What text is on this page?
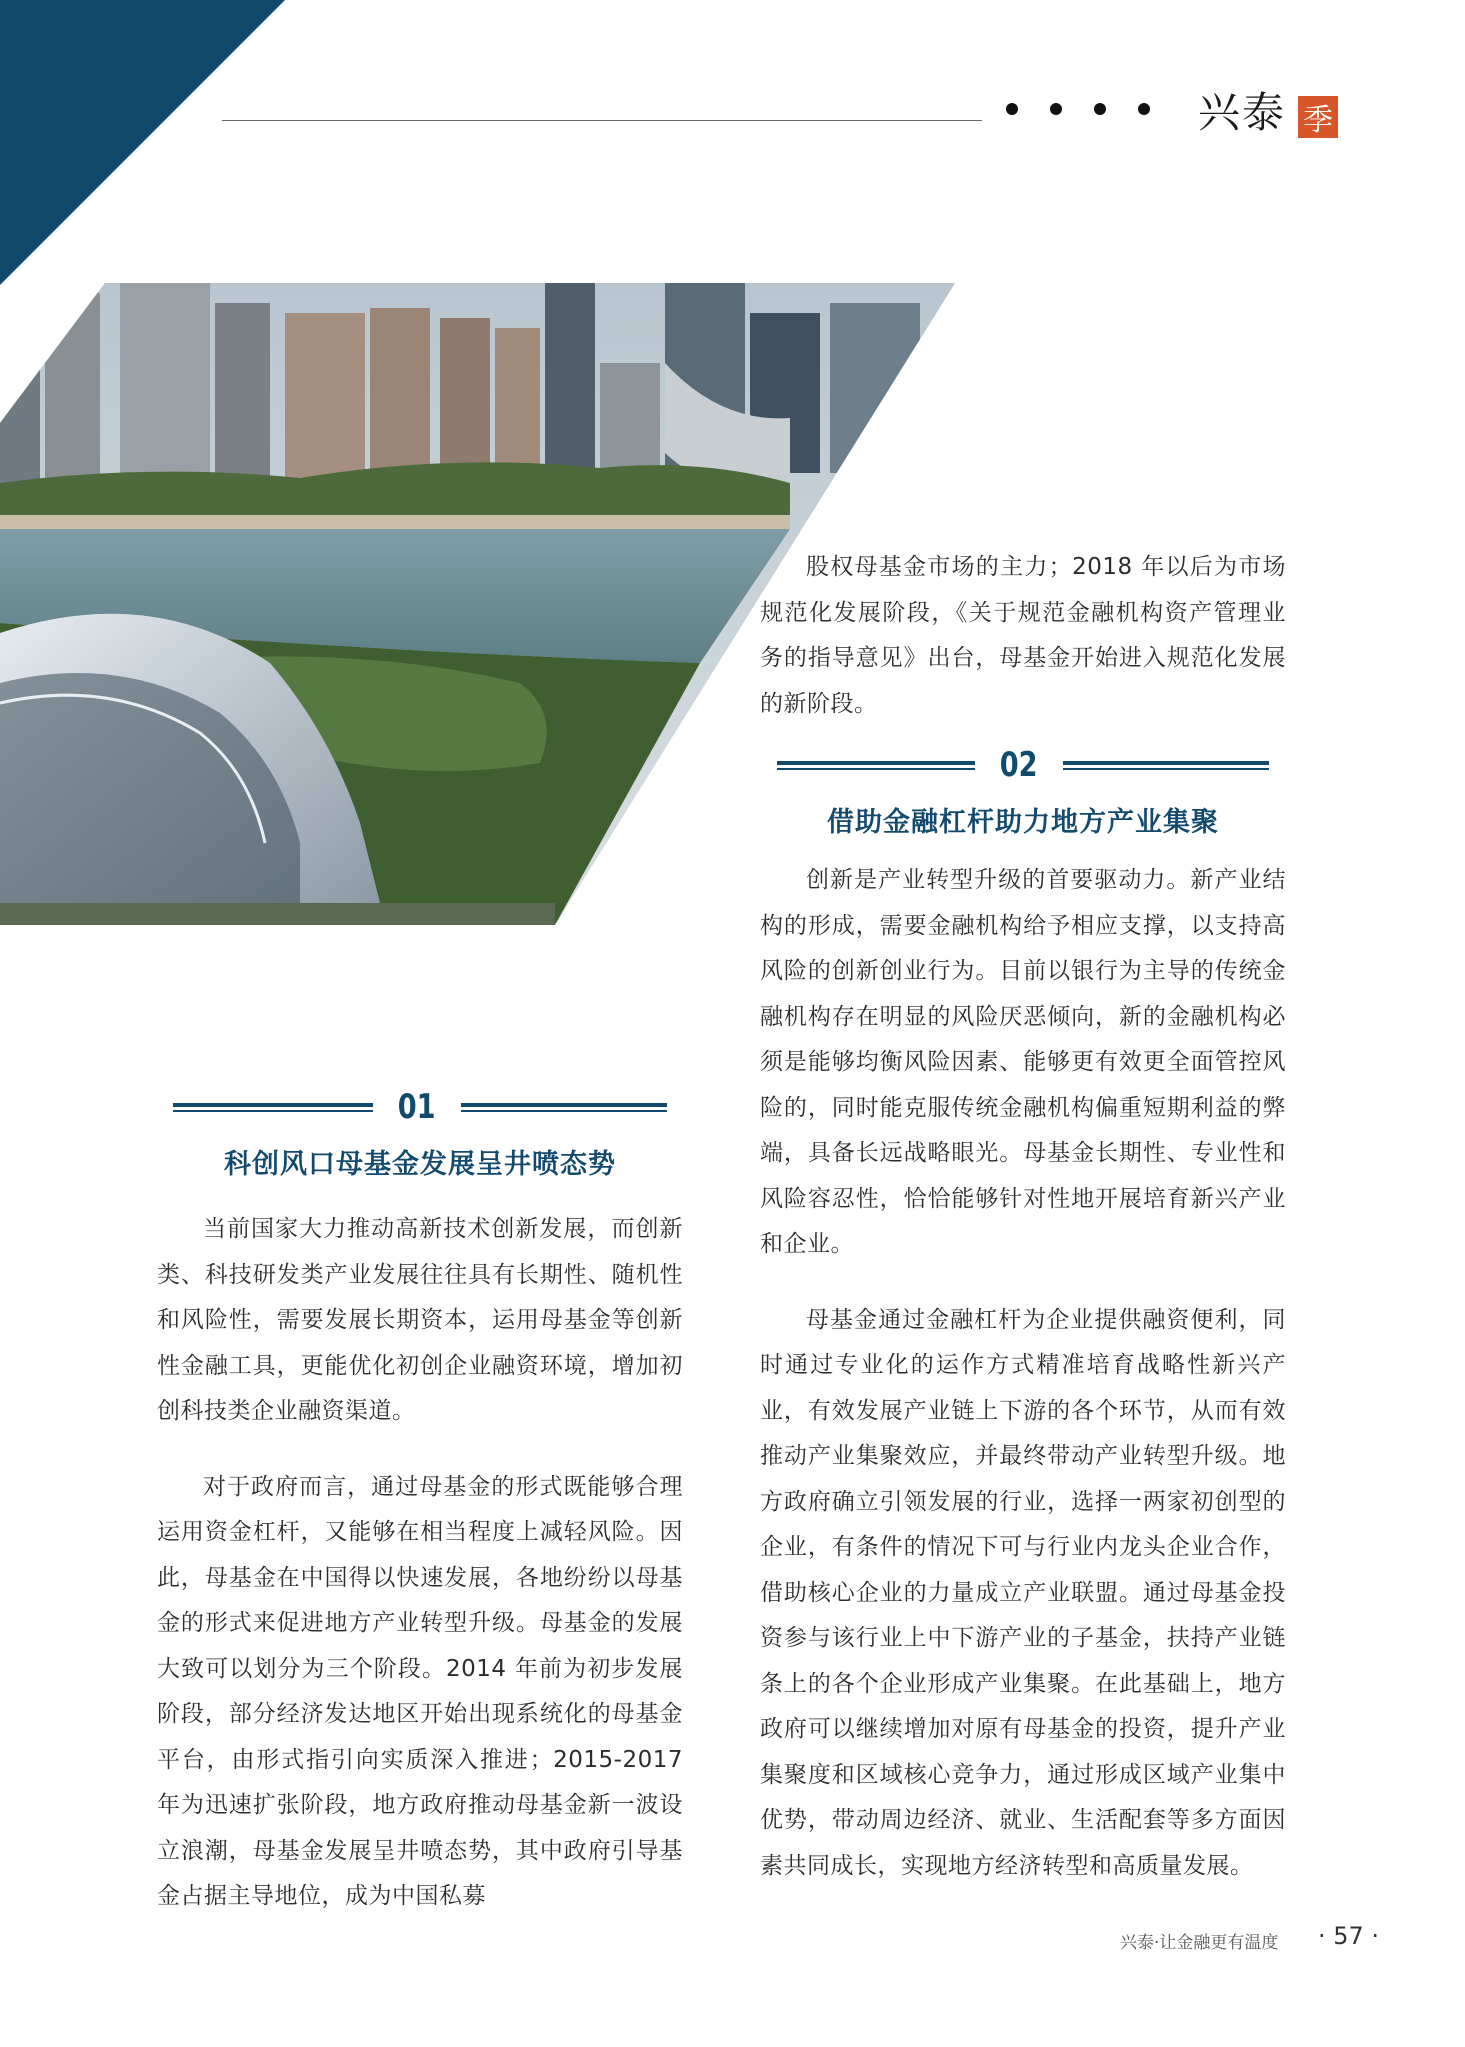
兴泰 季

股权母基金市场的主力；2018 年以后为市场规范化发展阶段，《关于规范金融机构资产管理业务的指导意见》出台，母基金开始进入规范化发展的新阶段。

02
借助金融杠杆助力地方产业集聚

创新是产业转型升级的首要驱动力。新产业结构的形成，需要金融机构给予相应支撑，以支持高风险的创新创业行为。目前以银行为主导的传统金融机构存在明显的风险厌恶倾向，新的金融机构必须是能够均衡风险因素、能够更有效更全面管控风险的，同时能克服传统金融机构偏重短期利益的弊端，具备长远战略眼光。母基金长期性、专业性和风险容忍性，恰恰能够针对性地开展培育新兴产业和企业。

母基金通过金融杠杆为企业提供融资便利，同时通过专业化的运作方式精准培育战略性新兴产业，有效发展产业链上下游的各个环节，从而有效推动产业集聚效应，并最终带动产业转型升级。地方政府确立引领发展的行业，选择一两家初创型的企业，有条件的情况下可与行业内龙头企业合作，借助核心企业的力量成立产业联盟。通过母基金投资参与该行业上中下游产业的子基金，扶持产业链条上的各个企业形成产业集聚。在此基础上，地方政府可以继续增加对原有母基金的投资，提升产业集聚度和区域核心竞争力，通过形成区域产业集中优势，带动周边经济、就业、生活配套等多方面因素共同成长，实现地方经济转型和高质量发展。

01
科创风口母基金发展呈井喷态势

当前国家大力推动高新技术创新发展，而创新类、科技研发类产业发展往往具有长期性、随机性和风险性，需要发展长期资本，运用母基金等创新性金融工具，更能优化初创企业融资环境，增加初创科技类企业融资渠道。

对于政府而言，通过母基金的形式既能够合理运用资金杠杆，又能够在相当程度上减轻风险。因此，母基金在中国得以快速发展，各地纷纷以母基金的形式来促进地方产业转型升级。母基金的发展大致可以划分为三个阶段。2014 年前为初步发展阶段，部分经济发达地区开始出现系统化的母基金平台，由形式指引向实质深入推进；2015-2017 年为迅速扩张阶段，地方政府推动母基金新一波设立浪潮，母基金发展呈井喷态势，其中政府引导基金占据主导地位，成为中国私募

兴泰·让金融更有温度 · 57 ·
